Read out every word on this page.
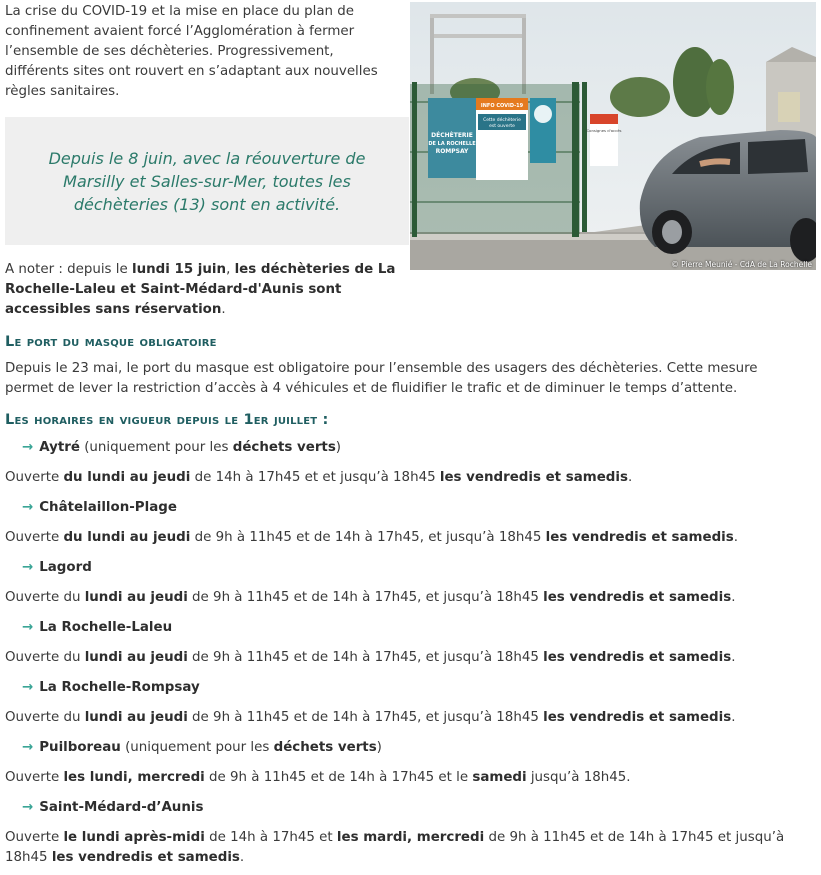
La crise du COVID-19 et la mise en place du plan de confinement avaient forcé l’Agglomération à fermer l’ensemble de ses déchèteries. Progressivement, différents sites ont rouvert en s’adaptant aux nouvelles règles sanitaires.
Depuis le 8 juin, avec la réouverture de Marsilly et Salles-sur-Mer, toutes les déchèteries (13) sont en activité.
DÉCHÈTERIE
DE LA ROCHELLE
ROMPSAY
INFO COVID-19
Cette déchèterie
est ouverte
Consignes d'accès
© Pierre Meunié - CdA de La Rochelle
A noter : depuis le lundi 15 juin, les déchèteries de La Rochelle-Laleu et Saint-Médard-d'Aunis sont accessibles sans réservation.
Le port du masque obligatoire
Depuis le 23 mai, le port du masque est obligatoire pour l’ensemble des usagers des déchèteries. Cette mesure permet de lever la restriction d’accès à 4 véhicules et de fluidifier le trafic et de diminuer le temps d’attente.
Les horaires en vigueur depuis le 1er juillet :
→ Aytré (uniquement pour les déchets verts)
Ouverte du lundi au jeudi de 14h à 17h45 et et jusqu’à 18h45 les vendredis et samedis.
→ Châtelaillon-Plage
Ouverte du lundi au jeudi de 9h à 11h45 et de 14h à 17h45, et jusqu’à 18h45 les vendredis et samedis.
→ Lagord
Ouverte du lundi au jeudi de 9h à 11h45 et de 14h à 17h45, et jusqu’à 18h45 les vendredis et samedis.
→ La Rochelle-Laleu
Ouverte du lundi au jeudi de 9h à 11h45 et de 14h à 17h45, et jusqu’à 18h45 les vendredis et samedis.
→ La Rochelle-Rompsay
Ouverte du lundi au jeudi de 9h à 11h45 et de 14h à 17h45, et jusqu’à 18h45 les vendredis et samedis.
→ Puilboreau (uniquement pour les déchets verts)
Ouverte les lundi, mercredi de 9h à 11h45 et de 14h à 17h45 et le samedi jusqu’à 18h45.
→ Saint-Médard-d’Aunis
Ouverte le lundi après-midi de 14h à 17h45 et les mardi, mercredi de 9h à 11h45 et de 14h à 17h45 et jusqu’à 18h45 les vendredis et samedis.
